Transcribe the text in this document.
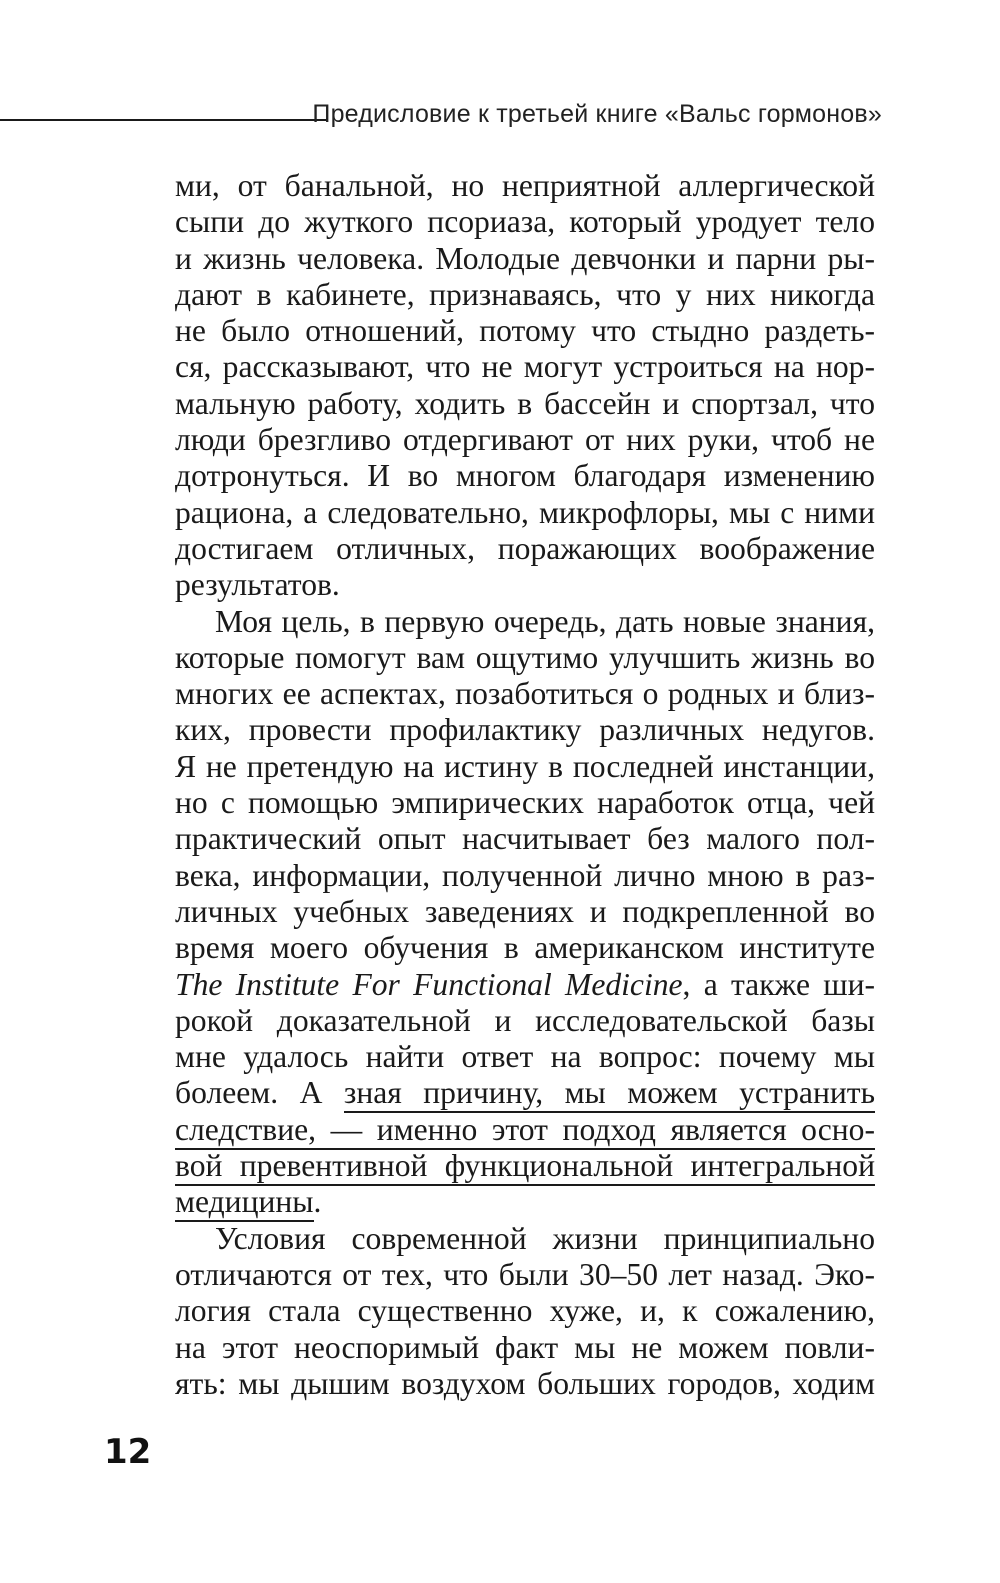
Предисловие к третьей книге «Вальс гормонов»
ми, от банальной, но неприятной аллергической
сыпи до жуткого псориаза, который уродует тело
и жизнь человека. Молодые девчонки и парни ры-
дают в кабинете, признаваясь, что у них никогда
не было отношений, потому что стыдно раздеть-
ся, рассказывают, что не могут устроиться на нор-
мальную работу, ходить в бассейн и спортзал, что
люди брезгливо отдергивают от них руки, чтоб не
дотронуться. И во многом благодаря изменению
рациона, а следовательно, микрофлоры, мы с ними
достигаем отличных, поражающих воображение
результатов.
Моя цель, в первую очередь, дать новые знания,
которые помогут вам ощутимо улучшить жизнь во
многих ее аспектах, позаботиться о родных и близ-
ких, провести профилактику различных недугов.
Я не претендую на истину в последней инстанции,
но с помощью эмпирических наработок отца, чей
практический опыт насчитывает без малого пол-
века, информации, полученной лично мною в раз-
личных учебных заведениях и подкрепленной во
время моего обучения в американском институте
The Institute For Functional Medicine, а также ши-
рокой доказательной и исследовательской базы
мне удалось найти ответ на вопрос: почему мы
болеем. А зная причину, мы можем устранить
следствие, — именно этот подход является осно-
вой превентивной функциональной интегральной
медицины.
Условия современной жизни принципиально
отличаются от тех, что были 30–50 лет назад. Эко-
логия стала существенно хуже, и, к сожалению,
на этот неоспоримый факт мы не можем повли-
ять: мы дышим воздухом больших городов, ходим
12
